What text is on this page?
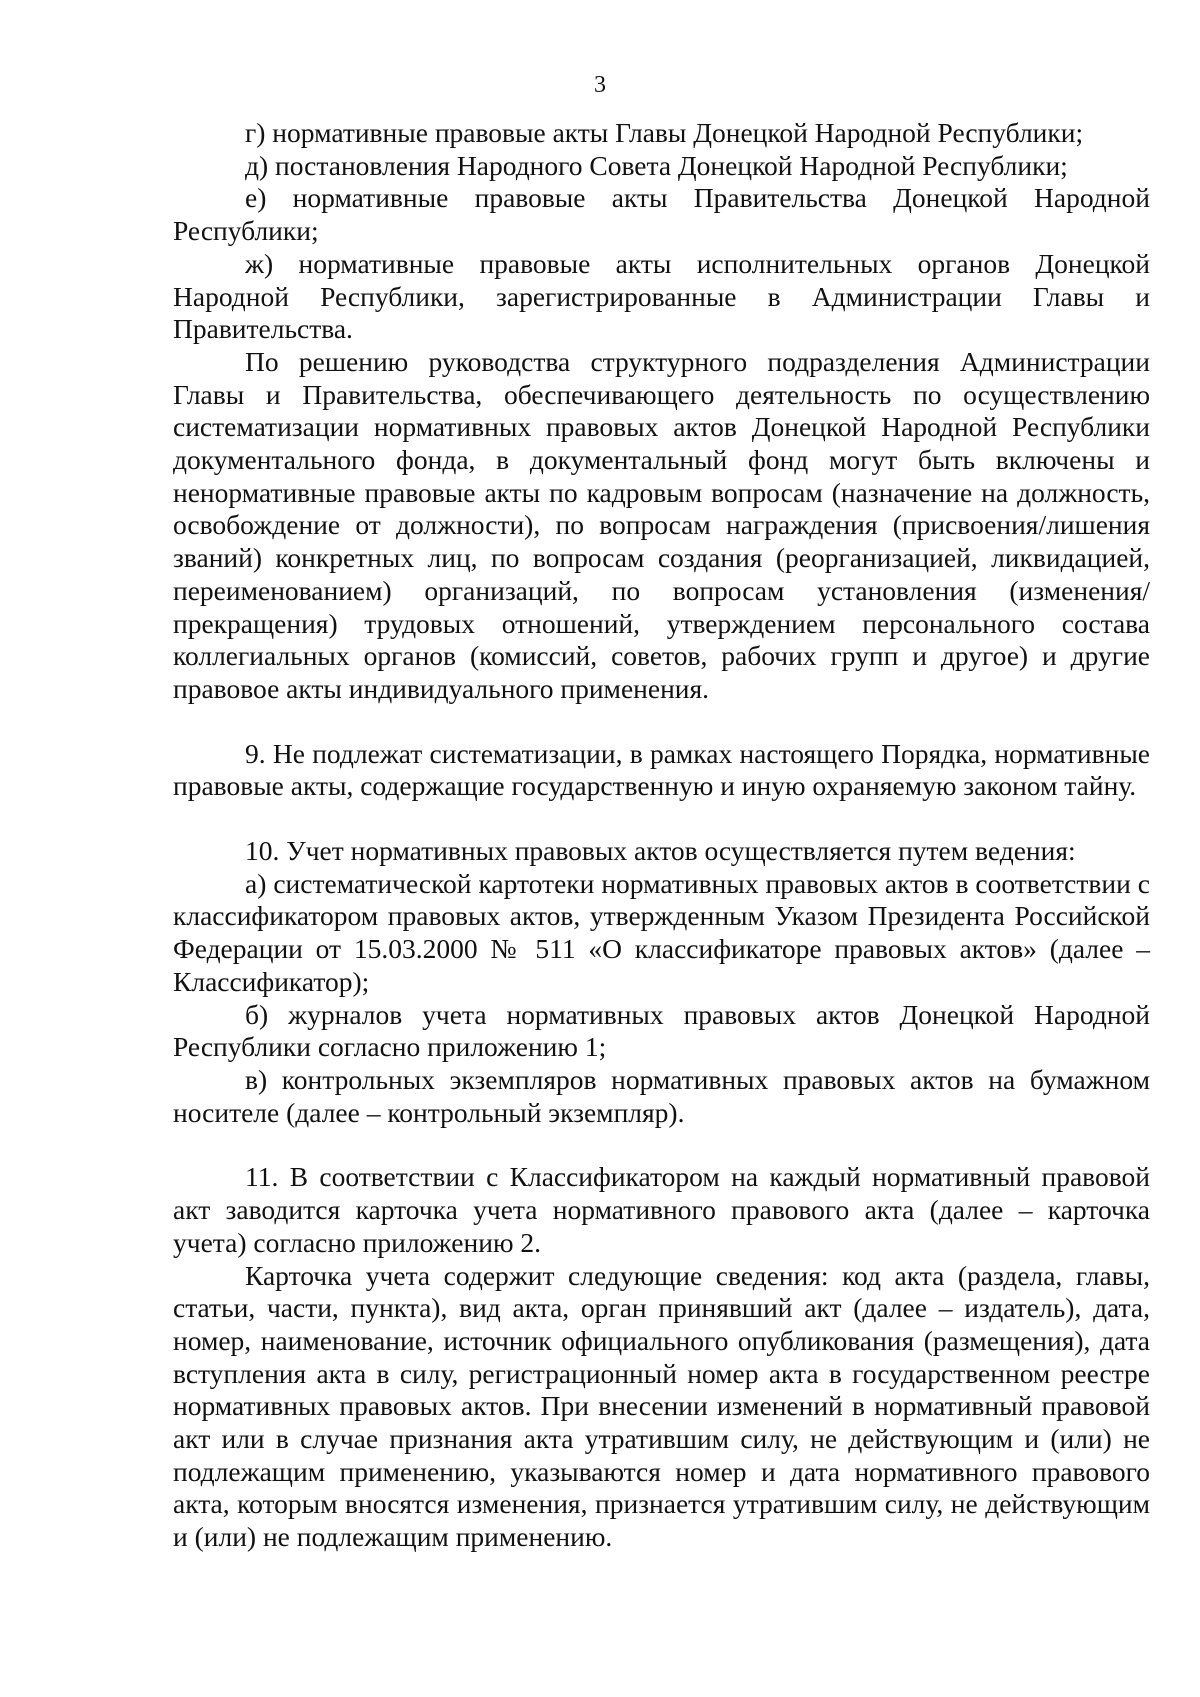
3

г) нормативные правовые акты Главы Донецкой Народной Республики;

д) постановления Народного Совета Донецкой Народной Республики;

е) нормативные правовые акты Правительства Донецкой Народной Республики;

ж) нормативные правовые акты исполнительных органов Донецкой Народной Республики, зарегистрированные в Администрации Главы и Правительства.

По решению руководства структурного подразделения Администрации Главы и Правительства, обеспечивающего деятельность по осуществлению систематизации нормативных правовых актов Донецкой Народной Республики документального фонда, в документальный фонд могут быть включены и ненормативные правовые акты по кадровым вопросам (назначение на должность, освобождение от должности), по вопросам награждения (присвоения/лишения званий) конкретных лиц, по вопросам создания (реорганизацией, ликвидацией, переименованием) организаций, по вопросам установления (изменения/прекращения) трудовых отношений, утверждением персонального состава коллегиальных органов (комиссий, советов, рабочих групп и другое) и другие правовое акты индивидуального применения.

9. Не подлежат систематизации, в рамках настоящего Порядка, нормативные правовые акты, содержащие государственную и иную охраняемую законом тайну.

10. Учет нормативных правовых актов осуществляется путем ведения:

а) систематической картотеки нормативных правовых актов в соответствии с классификатором правовых актов, утвержденным Указом Президента Российской Федерации от 15.03.2000 № 511 «О классификаторе правовых актов» (далее – Классификатор);

б) журналов учета нормативных правовых актов Донецкой Народной Республики согласно приложению 1;

в) контрольных экземпляров нормативных правовых актов на бумажном носителе (далее – контрольный экземпляр).

11. В соответствии с Классификатором на каждый нормативный правовой акт заводится карточка учета нормативного правового акта (далее – карточка учета) согласно приложению 2.

Карточка учета содержит следующие сведения: код акта (раздела, главы, статьи, части, пункта), вид акта, орган принявший акт (далее – издатель), дата, номер, наименование, источник официального опубликования (размещения), дата вступления акта в силу, регистрационный номер акта в государственном реестре нормативных правовых актов. При внесении изменений в нормативный правовой акт или в случае признания акта утратившим силу, не действующим и (или) не подлежащим применению, указываются номер и дата нормативного правового акта, которым вносятся изменения, признается утратившим силу, не действующим и (или) не подлежащим применению.
